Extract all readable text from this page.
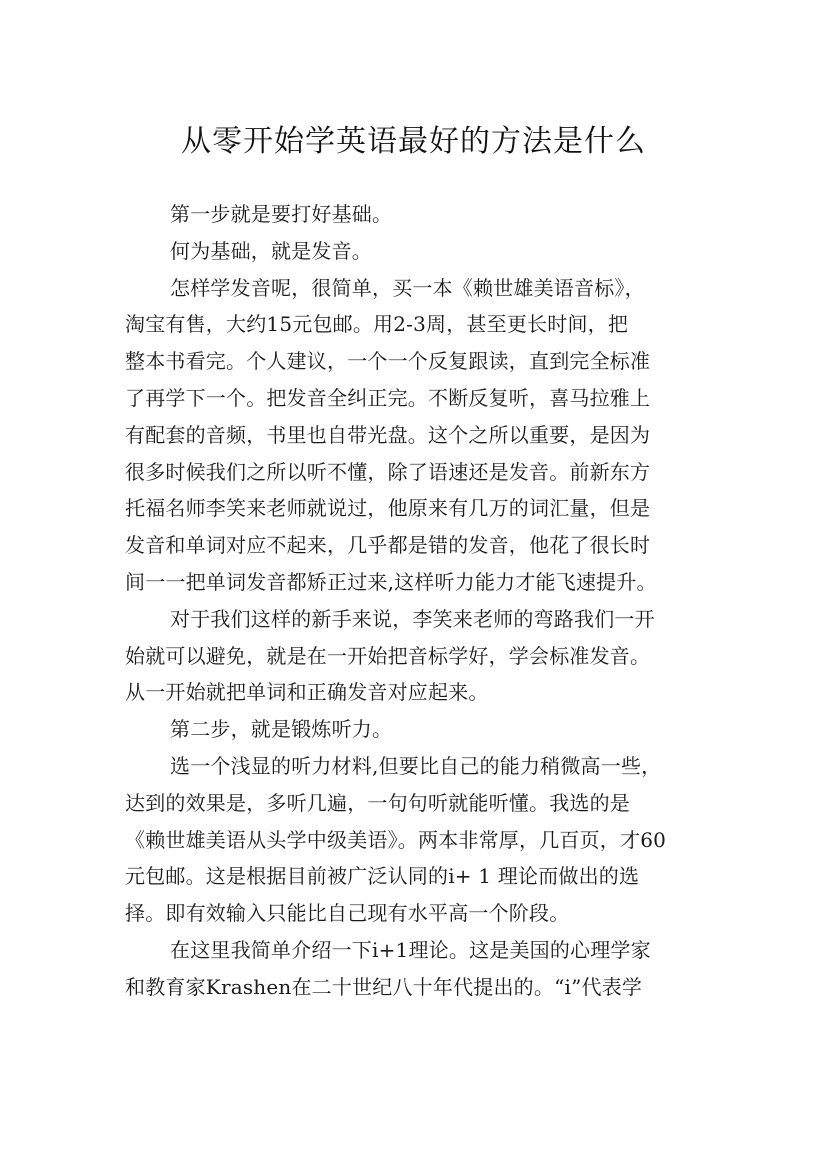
从零开始学英语最好的方法是什么
第一步就是要打好基础。
何为基础，就是发音。
怎样学发音呢，很简单，买一本《赖世雄美语音标》，
淘宝有售，大约15元包邮。用2-3周，甚至更长时间，把
整本书看完。个人建议，一个一个反复跟读，直到完全标准
了再学下一个。把发音全纠正完。不断反复听，喜马拉雅上
有配套的音频，书里也自带光盘。这个之所以重要，是因为
很多时候我们之所以听不懂，除了语速还是发音。前新东方
托福名师李笑来老师就说过，他原来有几万的词汇量，但是
发音和单词对应不起来，几乎都是错的发音，他花了很长时
间一一把单词发音都矫正过来,这样听力能力才能飞速提升。
对于我们这样的新手来说，李笑来老师的弯路我们一开
始就可以避免，就是在一开始把音标学好，学会标准发音。
从一开始就把单词和正确发音对应起来。
第二步，就是锻炼听力。
选一个浅显的听力材料,但要比自己的能力稍微高一些，
达到的效果是，多听几遍，一句句听就能听懂。我选的是
《赖世雄美语从头学中级美语》。两本非常厚，几百页，才60
元包邮。这是根据目前被广泛认同的i+ 1 理论而做出的选
择。即有效输入只能比自己现有水平高一个阶段。
在这里我简单介绍一下i+1理论。这是美国的心理学家
和教育家Krashen在二十世纪八十年代提出的。“i”代表学
